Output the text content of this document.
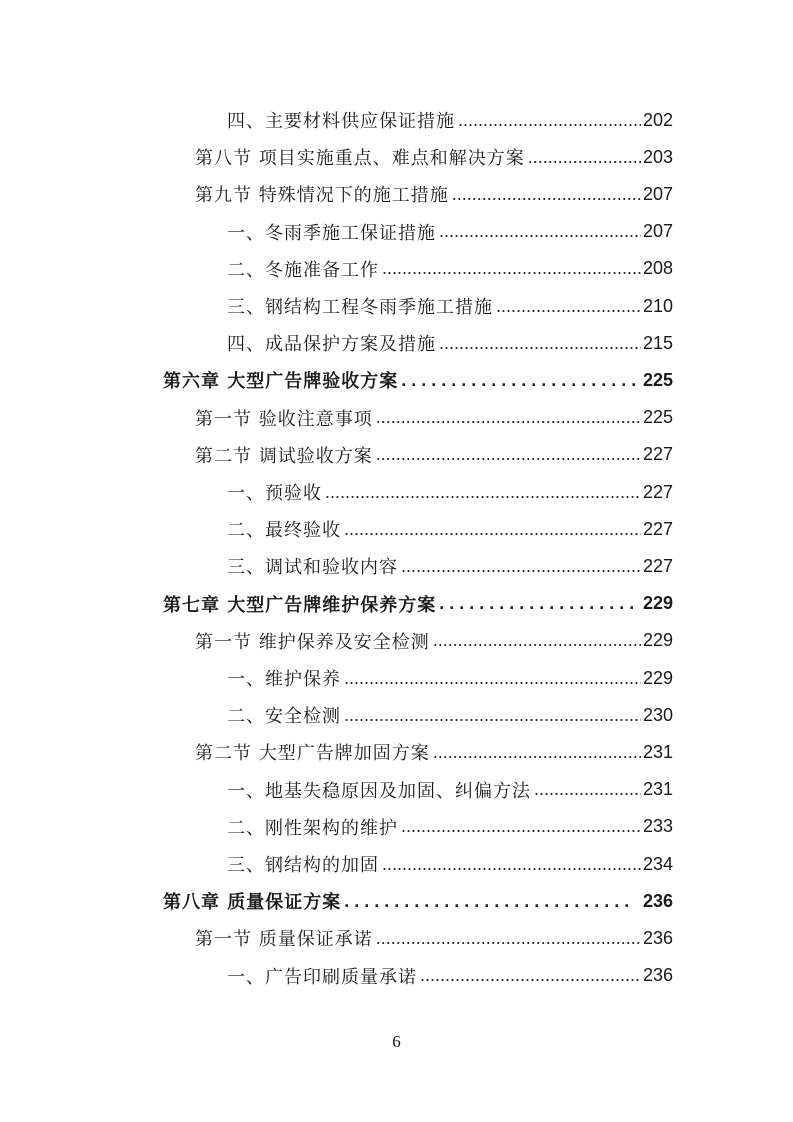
四、主要材料供应保证措施 .....	202
第八节 项目实施重点、难点和解决方案 .....	203
第九节 特殊情况下的施工措施 .....	207
一、冬雨季施工保证措施 .....	207
二、冬施准备工作 .....	208
三、钢结构工程冬雨季施工措施 .....	210
四、成品保护方案及措施 .....	215
第六章 大型广告牌验收方案 .....	225
第一节 验收注意事项 .....	225
第二节 调试验收方案 .....	227
一、预验收 .....	227
二、最终验收 .....	227
三、调试和验收内容 .....	227
第七章 大型广告牌维护保养方案 .....	229
第一节 维护保养及安全检测 .....	229
一、维护保养 .....	229
二、安全检测 .....	230
第二节 大型广告牌加固方案 .....	231
一、地基失稳原因及加固、纠偏方法 .....	231
二、刚性架构的维护 .....	233
三、钢结构的加固 .....	234
第八章 质量保证方案 .....	236
第一节 质量保证承诺 .....	236
一、广告印刷质量承诺 .....	236
6
